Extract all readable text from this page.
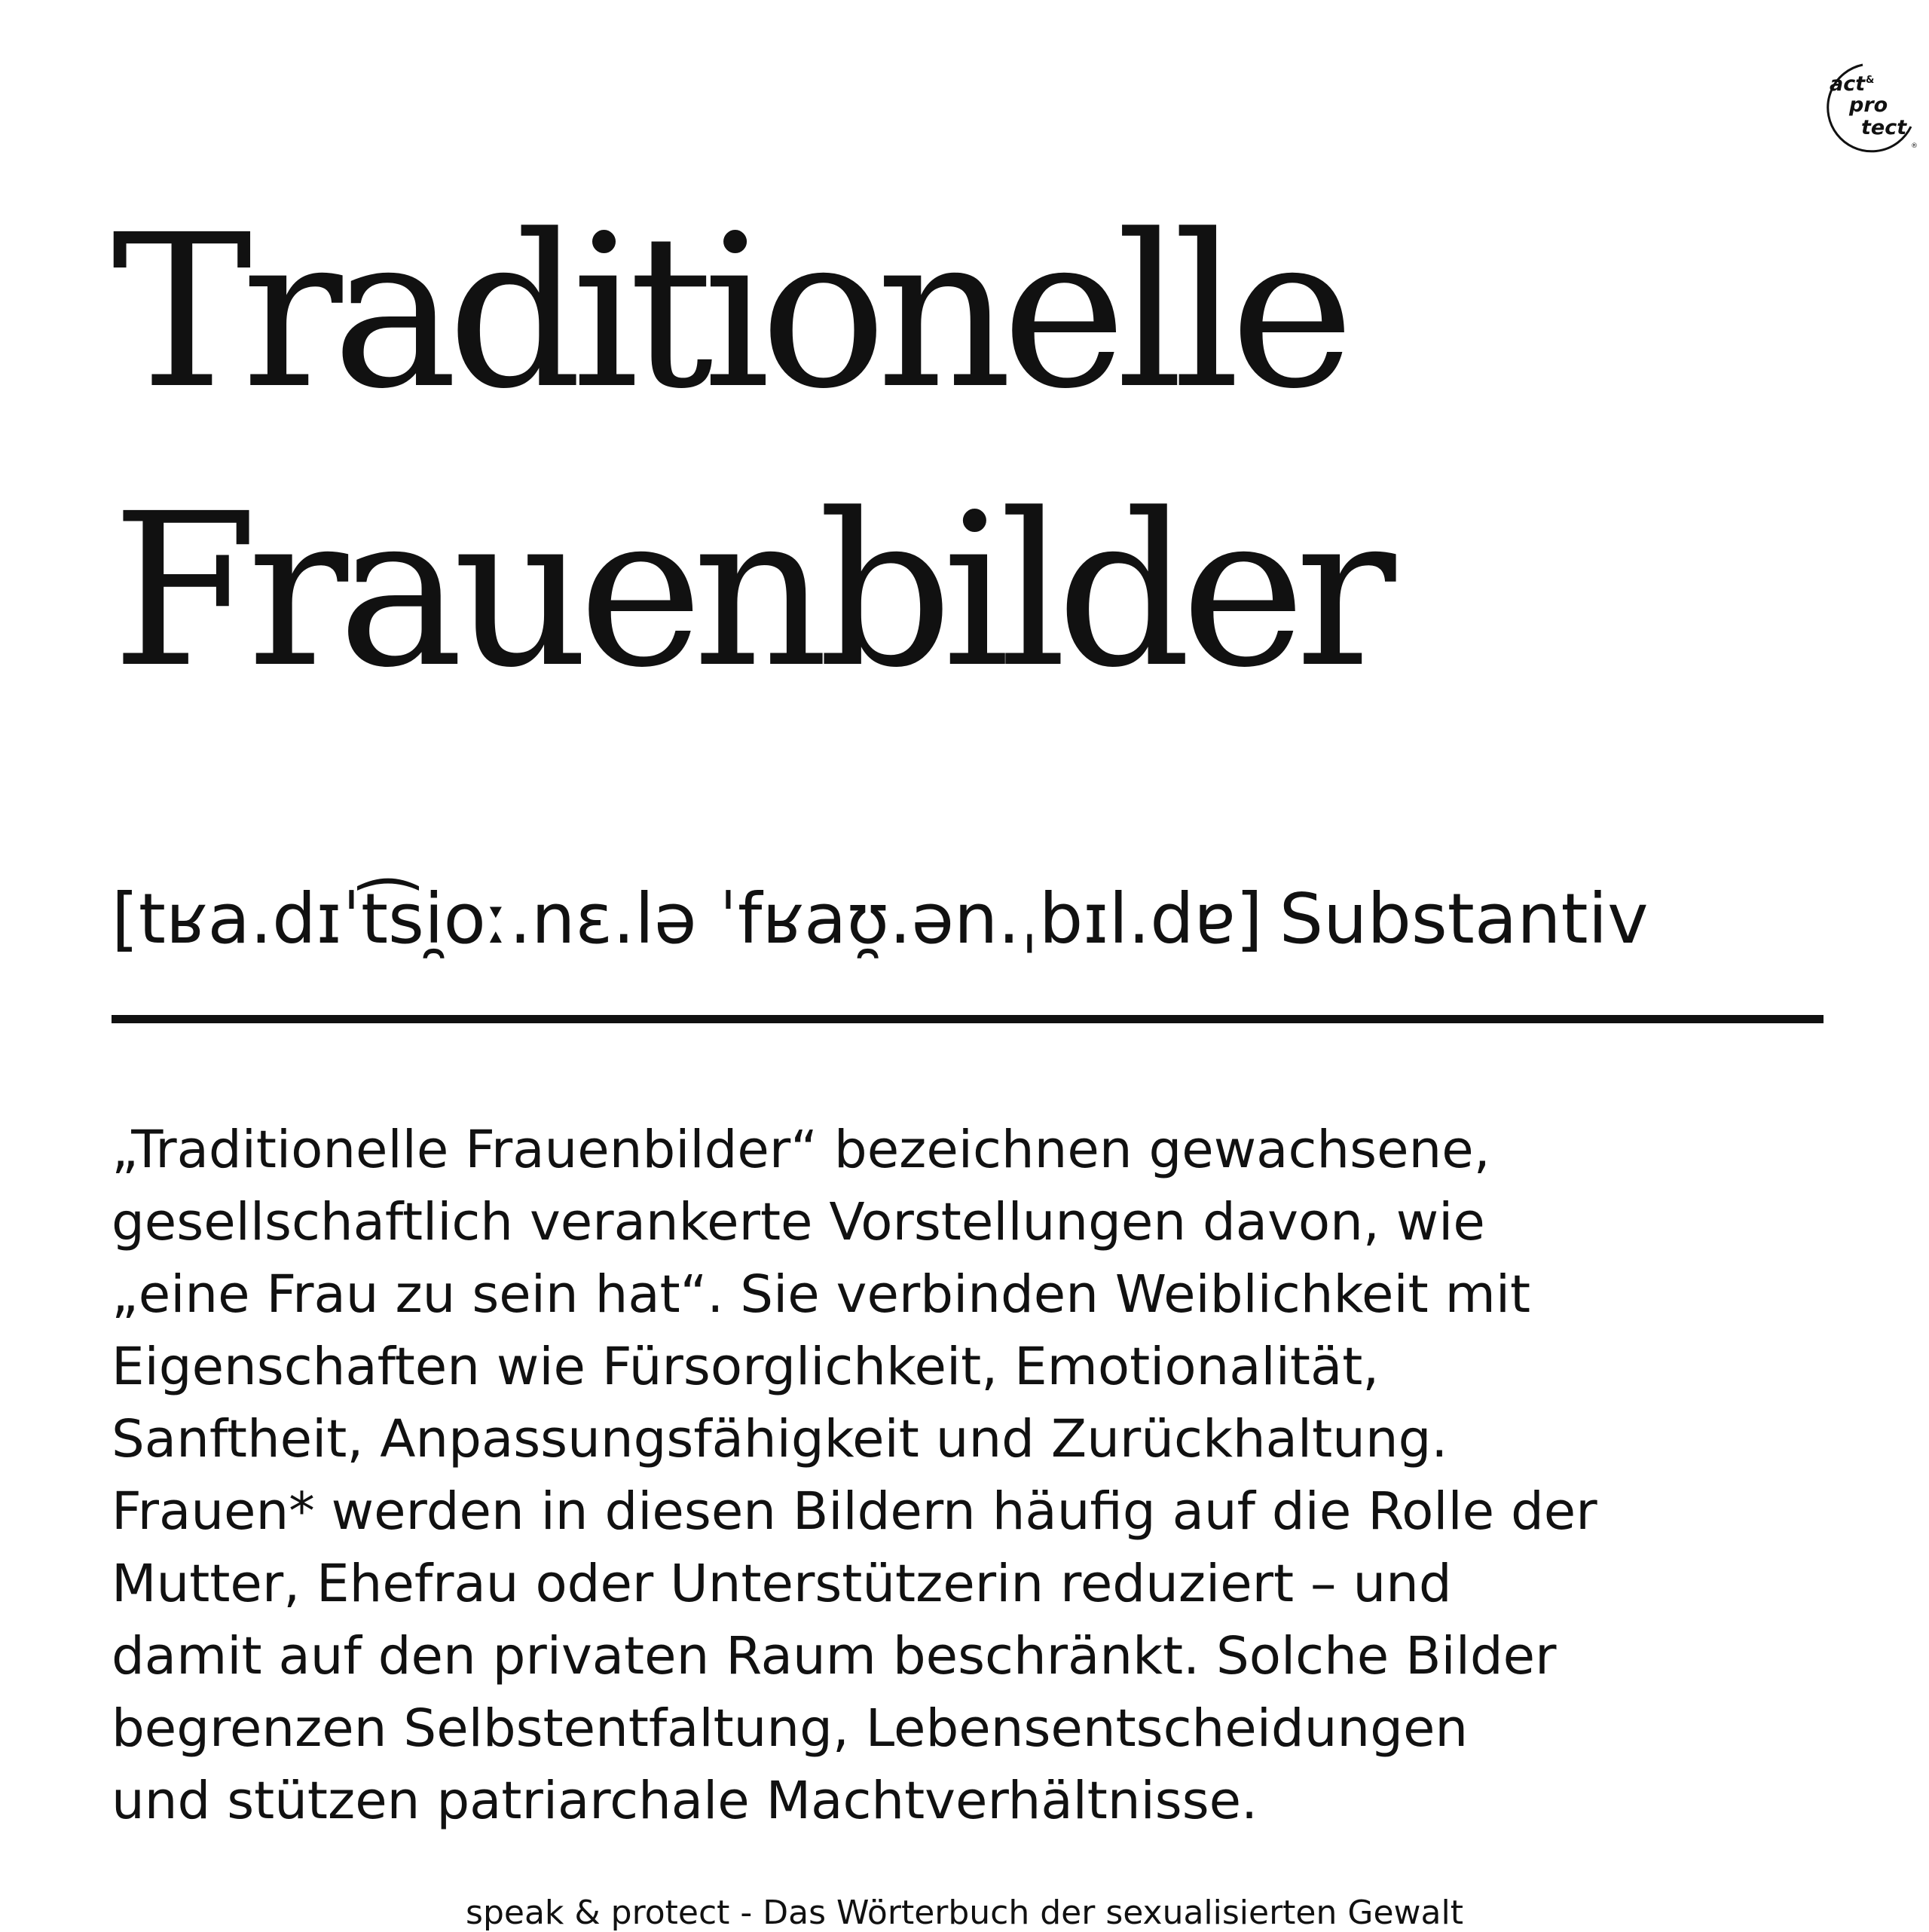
act &
pro
tect
®
Traditionelle
Frauenbilder
[tʁa.dɪˈt͡si̯oː.nɛ.lə ˈfʁaʊ̯.ən.ˌbɪl.dɐ] Substantiv

„Traditionelle Frauenbilder“ bezeichnen gewachsene,
gesellschaftlich verankerte Vorstellungen davon, wie
„eine Frau zu sein hat“. Sie verbinden Weiblichkeit mit
Eigenschaften wie Fürsorglichkeit, Emotionalität,
Sanftheit, Anpassungsfähigkeit und Zurückhaltung.
Frauen* werden in diesen Bildern häufig auf die Rolle der
Mutter, Ehefrau oder Unterstützerin reduziert – und
damit auf den privaten Raum beschränkt. Solche Bilder
begrenzen Selbstentfaltung, Lebensentscheidungen
und stützen patriarchale Machtverhältnisse.

speak & protect - Das Wörterbuch der sexualisierten Gewalt
